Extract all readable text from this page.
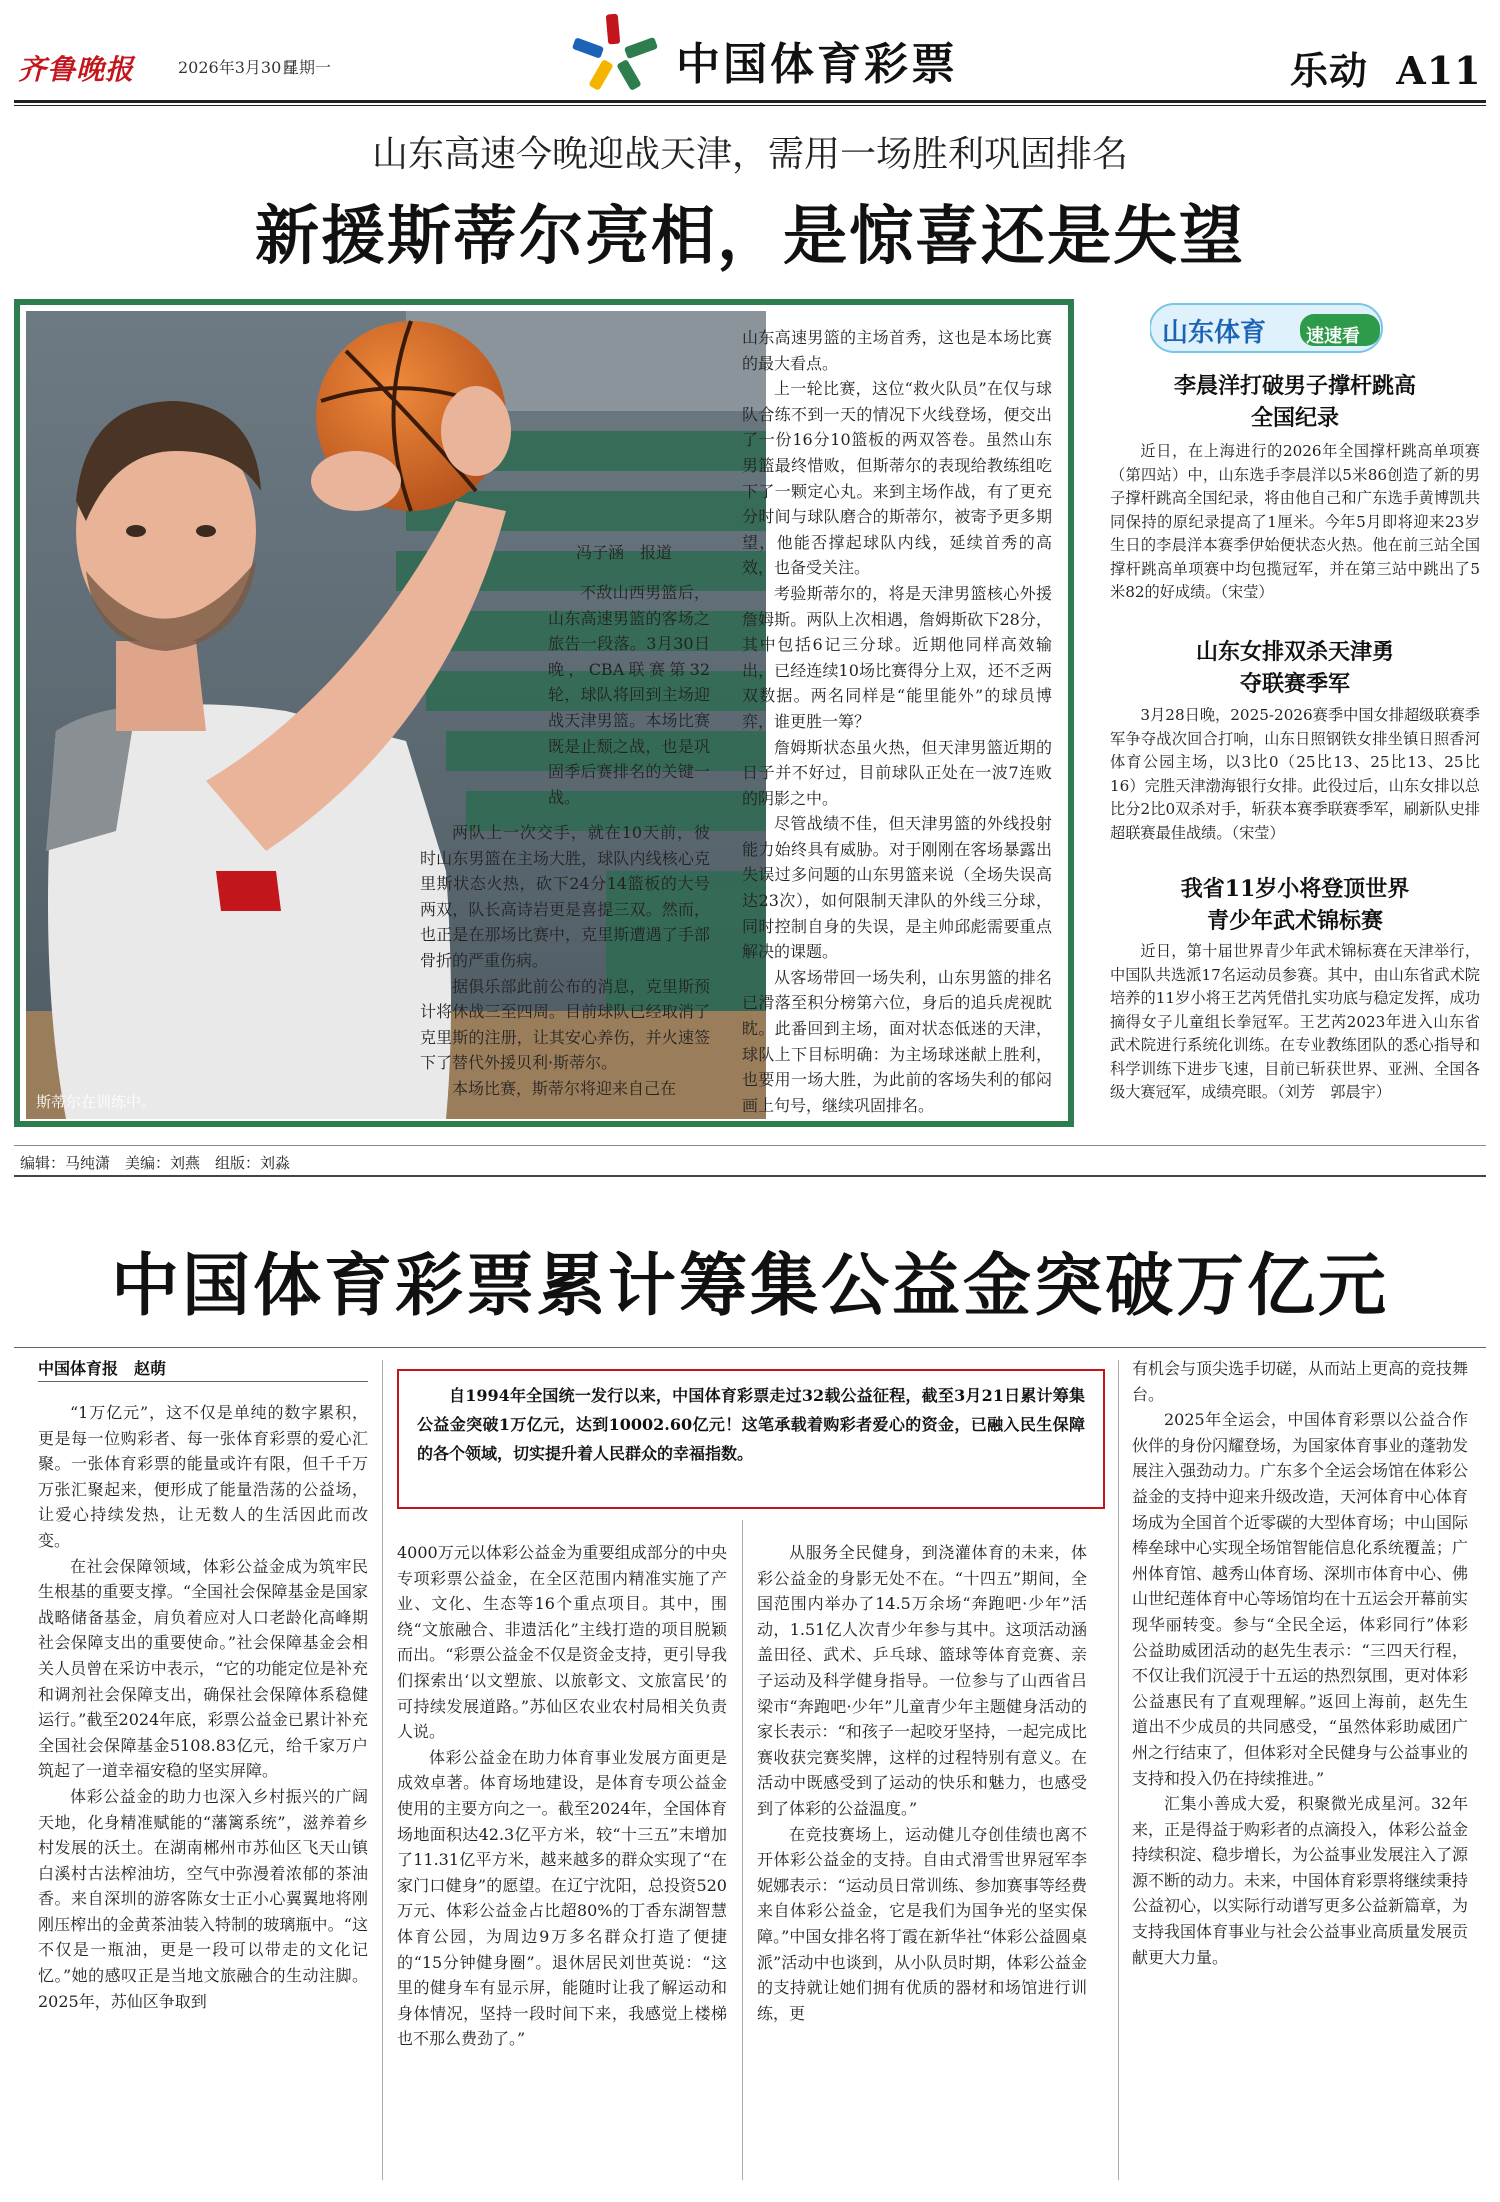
齐鲁晚报	2026年3月30日
星期一	中国体育彩票	乐动 A11
山东高速今晚迎战天津，需用一场胜利巩固排名
新援斯蒂尔亮相，是惊喜还是失望
斯蒂尔在训练中。

山东高速男篮的主场首秀，这也是本场比赛的最大看点。

上一轮比赛，这位“救火队员”在仅与球队合练不到一天的情况下火线登场，便交出了一份16分10篮板的两双答卷。虽然山东男篮最终惜败，但斯蒂尔的表现给教练组吃下了一颗定心丸。来到主场作战，有了更充分时间与球队磨合的斯蒂尔，被寄予更多期望，他能否撑起球队内线，延续首秀的高效，也备受关注。

考验斯蒂尔的，将是天津男篮核心外援詹姆斯。两队上次相遇，詹姆斯砍下28分，其中包括6记三分球。近期他同样高效输出，已经连续10场比赛得分上双，还不乏两双数据。两名同样是“能里能外”的球员博弈，谁更胜一筹？

詹姆斯状态虽火热，但天津男篮近期的日子并不好过，目前球队正处在一波7连败的阴影之中。

尽管战绩不佳，但天津男篮的外线投射能力始终具有威胁。对于刚刚在客场暴露出失误过多问题的山东男篮来说（全场失误高达23次），如何限制天津队的外线三分球，同时控制自身的失误，是主帅邱彪需要重点解决的课题。

从客场带回一场失利，山东男篮的排名已滑落至积分榜第六位，身后的追兵虎视眈眈。此番回到主场，面对状态低迷的天津，球队上下目标明确：为主场球迷献上胜利，也要用一场大胜，为此前的客场失利的郁闷画上句号，继续巩固排名。

冯子涵　报道

不敌山西男篮后，山东高速男篮的客场之旅告一段落。3月30日晚，CBA联赛第32轮，球队将回到主场迎战天津男篮。本场比赛既是止颓之战，也是巩固季后赛排名的关键一战。

两队上一次交手，就在10天前，彼时山东男篮在主场大胜，球队内线核心克里斯状态火热，砍下24分14篮板的大号两双，队长高诗岩更是喜提三双。然而，也正是在那场比赛中，克里斯遭遇了手部骨折的严重伤病。

据俱乐部此前公布的消息，克里斯预计将休战三至四周。目前球队已经取消了克里斯的注册，让其安心养伤，并火速签下了替代外援贝利·斯蒂尔。

本场比赛，斯蒂尔将迎来自己在

山东体育 速速看
李晨洋打破男子撑杆跳高全国纪录

近日，在上海进行的2026年全国撑杆跳高单项赛（第四站）中，山东选手李晨洋以5米86创造了新的男子撑杆跳高全国纪录，将由他自己和广东选手黄博凯共同保持的原纪录提高了1厘米。今年5月即将迎来23岁生日的李晨洋本赛季伊始便状态火热。他在前三站全国撑杆跳高单项赛中均包揽冠军，并在第三站中跳出了5米82的好成绩。（宋莹）

山东女排双杀天津勇夺联赛季军

3月28日晚，2025-2026赛季中国女排超级联赛季军争夺战次回合打响，山东日照钢铁女排坐镇日照香河体育公园主场，以3比0（25比13、25比13、25比16）完胜天津渤海银行女排。此役过后，山东女排以总比分2比0双杀对手，斩获本赛季联赛季军，刷新队史排超联赛最佳战绩。（宋莹）

我省11岁小将登顶世界青少年武术锦标赛

近日，第十届世界青少年武术锦标赛在天津举行，中国队共选派17名运动员参赛。其中，由山东省武术院培养的11岁小将王艺芮凭借扎实功底与稳定发挥，成功摘得女子儿童组长拳冠军。王艺芮2023年进入山东省武术院进行系统化训练。在专业教练团队的悉心指导和科学训练下进步飞速，目前已斩获世界、亚洲、全国各级大赛冠军，成绩亮眼。（刘芳　郭晨宇）

编辑：马纯潇　美编：刘燕　组版：刘淼
中国体育彩票累计筹集公益金突破万亿元
中国体育报　赵萌

自1994年全国统一发行以来，中国体育彩票走过32载公益征程，截至3月21日累计筹集公益金突破1万亿元，达到10002.60亿元！这笔承载着购彩者爱心的资金，已融入民生保障的各个领域，切实提升着人民群众的幸福指数。

“1万亿元”，这不仅是单纯的数字累积，更是每一位购彩者、每一张体育彩票的爱心汇聚。一张体育彩票的能量或许有限，但千千万万张汇聚起来，便形成了能量浩荡的公益场，让爱心持续发热，让无数人的生活因此而改变。

在社会保障领域，体彩公益金成为筑牢民生根基的重要支撑。“全国社会保障基金是国家战略储备基金，肩负着应对人口老龄化高峰期社会保障支出的重要使命。”社会保障基金会相关人员曾在采访中表示，“它的功能定位是补充和调剂社会保障支出，确保社会保障体系稳健运行。”截至2024年底，彩票公益金已累计补充全国社会保障基金5108.83亿元，给千家万户筑起了一道幸福安稳的坚实屏障。

体彩公益金的助力也深入乡村振兴的广阔天地，化身精准赋能的“藩篱系统”，滋养着乡村发展的沃土。在湖南郴州市苏仙区飞天山镇白溪村古法榨油坊，空气中弥漫着浓郁的茶油香。来自深圳的游客陈女士正小心翼翼地将刚刚压榨出的金黄茶油装入特制的玻璃瓶中。“这不仅是一瓶油，更是一段可以带走的文化记忆。”她的感叹正是当地文旅融合的生动注脚。2025年，苏仙区争取到

4000万元以体彩公益金为重要组成部分的中央专项彩票公益金，在全区范围内精准实施了产业、文化、生态等16个重点项目。其中，围绕“文旅融合、非遗活化”主线打造的项目脱颖而出。“彩票公益金不仅是资金支持，更引导我们探索出‘以文塑旅、以旅彰文、文旅富民’的可持续发展道路。”苏仙区农业农村局相关负责人说。

体彩公益金在助力体育事业发展方面更是成效卓著。体育场地建设，是体育专项公益金使用的主要方向之一。截至2024年，全国体育场地面积达42.3亿平方米，较“十三五”末增加了11.31亿平方米，越来越多的群众实现了“在家门口健身”的愿望。在辽宁沈阳，总投资520万元、体彩公益金占比超80%的丁香东湖智慧体育公园，为周边9万多名群众打造了便捷的“15分钟健身圈”。退休居民刘世英说：“这里的健身车有显示屏，能随时让我了解运动和身体情况，坚持一段时间下来，我感觉上楼梯也不那么费劲了。”

从服务全民健身，到浇灌体育的未来，体彩公益金的身影无处不在。“十四五”期间，全国范围内举办了14.5万余场“奔跑吧·少年”活动，1.51亿人次青少年参与其中。这项活动涵盖田径、武术、乒乓球、篮球等体育竞赛、亲子运动及科学健身指导。一位参与了山西省吕梁市“奔跑吧·少年”儿童青少年主题健身活动的家长表示：“和孩子一起咬牙坚持，一起完成比赛收获完赛奖牌，这样的过程特别有意义。在活动中既感受到了运动的快乐和魅力，也感受到了体彩的公益温度。”

在竞技赛场上，运动健儿夺创佳绩也离不开体彩公益金的支持。自由式滑雪世界冠军李妮娜表示：“运动员日常训练、参加赛事等经费来自体彩公益金，它是我们为国争光的坚实保障。”中国女排名将丁霞在新华社“体彩公益圆桌派”活动中也谈到，从小队员时期，体彩公益金的支持就让她们拥有优质的器材和场馆进行训练，更

有机会与顶尖选手切磋，从而站上更高的竞技舞台。

2025年全运会，中国体育彩票以公益合作伙伴的身份闪耀登场，为国家体育事业的蓬勃发展注入强劲动力。广东多个全运会场馆在体彩公益金的支持中迎来升级改造，天河体育中心体育场成为全国首个近零碳的大型体育场；中山国际棒垒球中心实现全场馆智能信息化系统覆盖；广州体育馆、越秀山体育场、深圳市体育中心、佛山世纪莲体育中心等场馆均在十五运会开幕前实现华丽转变。参与“全民全运，体彩同行”体彩公益助威团活动的赵先生表示：“三四天行程，不仅让我们沉浸于十五运的热烈氛围，更对体彩公益惠民有了直观理解。”返回上海前，赵先生道出不少成员的共同感受，“虽然体彩助威团广州之行结束了，但体彩对全民健身与公益事业的支持和投入仍在持续推进。”

汇集小善成大爱，积聚微光成星河。32年来，正是得益于购彩者的点滴投入，体彩公益金持续积淀、稳步增长，为公益事业发展注入了源源不断的动力。未来，中国体育彩票将继续秉持公益初心，以实际行动谱写更多公益新篇章，为支持我国体育事业与社会公益事业高质量发展贡献更大力量。
